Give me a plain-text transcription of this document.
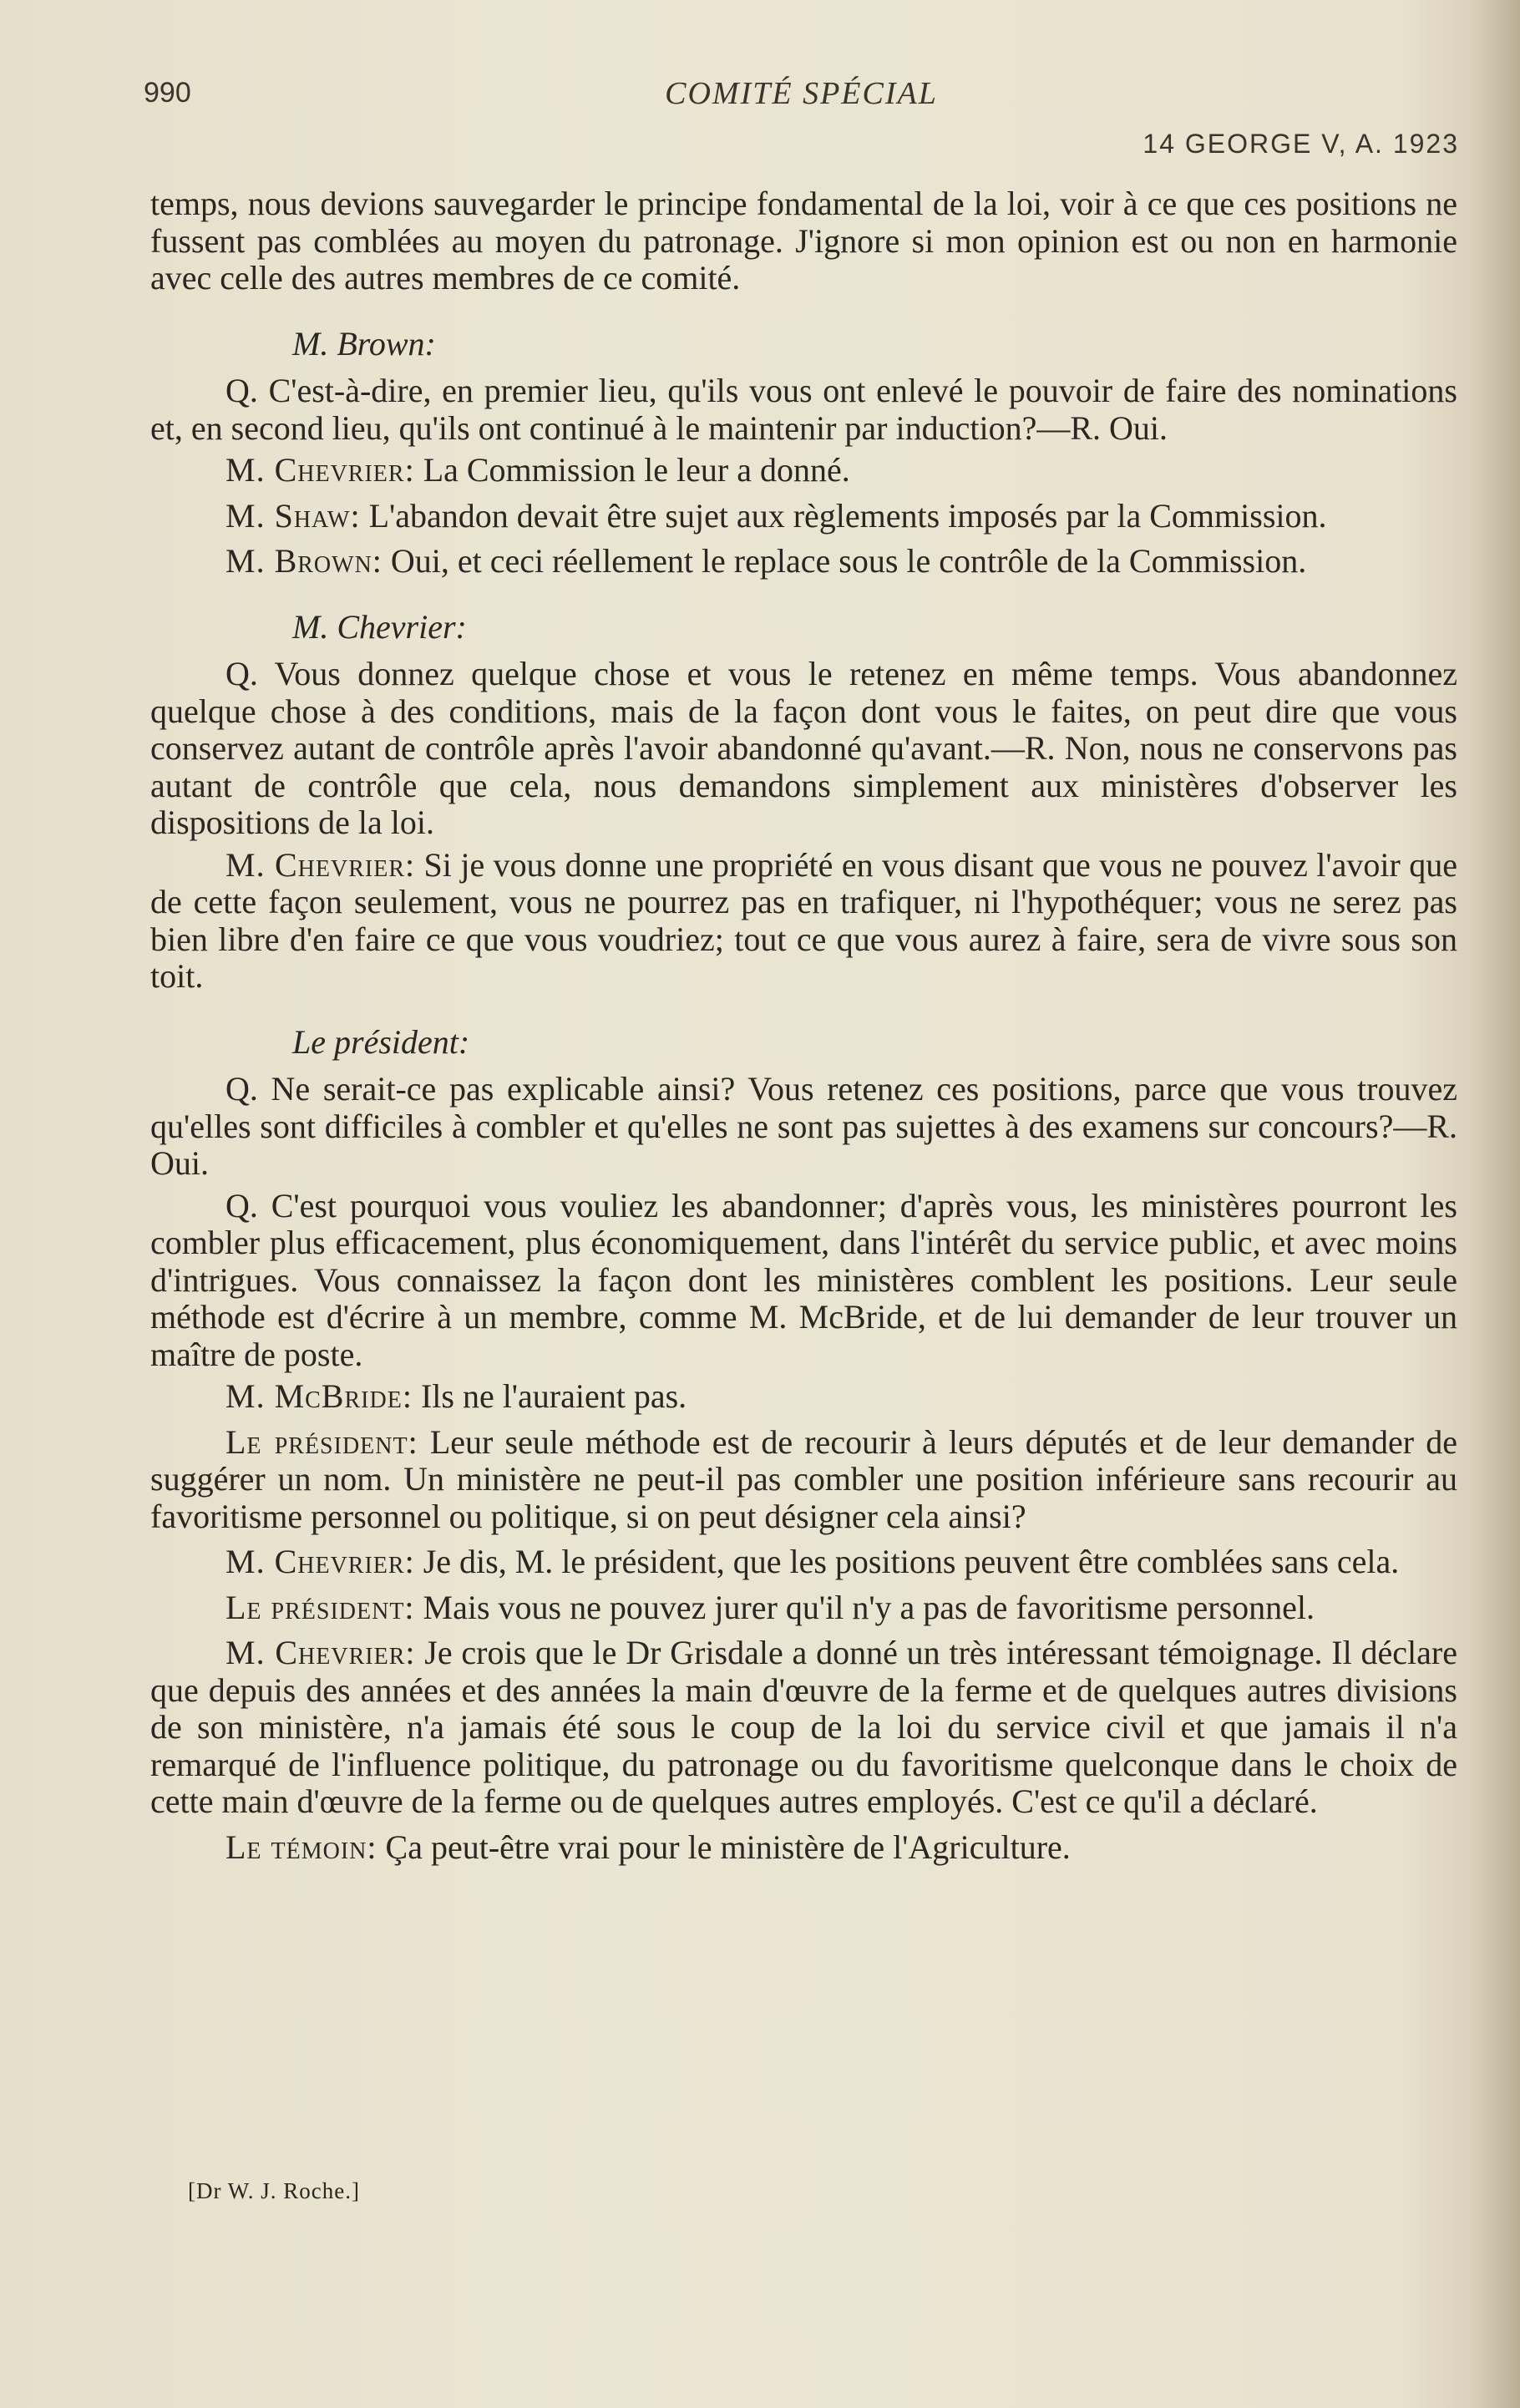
990	COMITÉ SPÉCIAL
14 GEORGE V, A. 1923

temps, nous devions sauvegarder le principe fondamental de la loi, voir à ce que ces positions ne fussent pas comblées au moyen du patronage. J'ignore si mon opinion est ou non en harmonie avec celle des autres membres de ce comité.

M. Brown:

Q. C'est-à-dire, en premier lieu, qu'ils vous ont enlevé le pouvoir de faire des nominations et, en second lieu, qu'ils ont continué à le maintenir par induction?—R. Oui.

M. Chevrier: La Commission le leur a donné.

M. Shaw: L'abandon devait être sujet aux règlements imposés par la Commission.

M. Brown: Oui, et ceci réellement le replace sous le contrôle de la Commission.

M. Chevrier:

Q. Vous donnez quelque chose et vous le retenez en même temps. Vous abandonnez quelque chose à des conditions, mais de la façon dont vous le faites, on peut dire que vous conservez autant de contrôle après l'avoir abandonné qu'avant.—R. Non, nous ne conservons pas autant de contrôle que cela, nous demandons simplement aux ministères d'observer les dispositions de la loi.

M. Chevrier: Si je vous donne une propriété en vous disant que vous ne pouvez l'avoir que de cette façon seulement, vous ne pourrez pas en trafiquer, ni l'hypothéquer; vous ne serez pas bien libre d'en faire ce que vous voudriez; tout ce que vous aurez à faire, sera de vivre sous son toit.

Le président:

Q. Ne serait-ce pas explicable ainsi? Vous retenez ces positions, parce que vous trouvez qu'elles sont difficiles à combler et qu'elles ne sont pas sujettes à des examens sur concours?—R. Oui.

Q. C'est pourquoi vous vouliez les abandonner; d'après vous, les ministères pourront les combler plus efficacement, plus économiquement, dans l'intérêt du service public, et avec moins d'intrigues. Vous connaissez la façon dont les ministères comblent les positions. Leur seule méthode est d'écrire à un membre, comme M. McBride, et de lui demander de leur trouver un maître de poste.

M. McBride: Ils ne l'auraient pas.

Le président: Leur seule méthode est de recourir à leurs députés et de leur demander de suggérer un nom. Un ministère ne peut-il pas combler une position inférieure sans recourir au favoritisme personnel ou politique, si on peut désigner cela ainsi?

M. Chevrier: Je dis, M. le président, que les positions peuvent être comblées sans cela.

Le président: Mais vous ne pouvez jurer qu'il n'y a pas de favoritisme personnel.

M. Chevrier: Je crois que le Dr Grisdale a donné un très intéressant témoignage. Il déclare que depuis des années et des années la main d'œuvre de la ferme et de quelques autres divisions de son ministère, n'a jamais été sous le coup de la loi du service civil et que jamais il n'a remarqué de l'influence politique, du patronage ou du favoritisme quelconque dans le choix de cette main d'œuvre de la ferme ou de quelques autres employés. C'est ce qu'il a déclaré.

Le témoin: Ça peut-être vrai pour le ministère de l'Agriculture.

[Dr W. J. Roche.]
